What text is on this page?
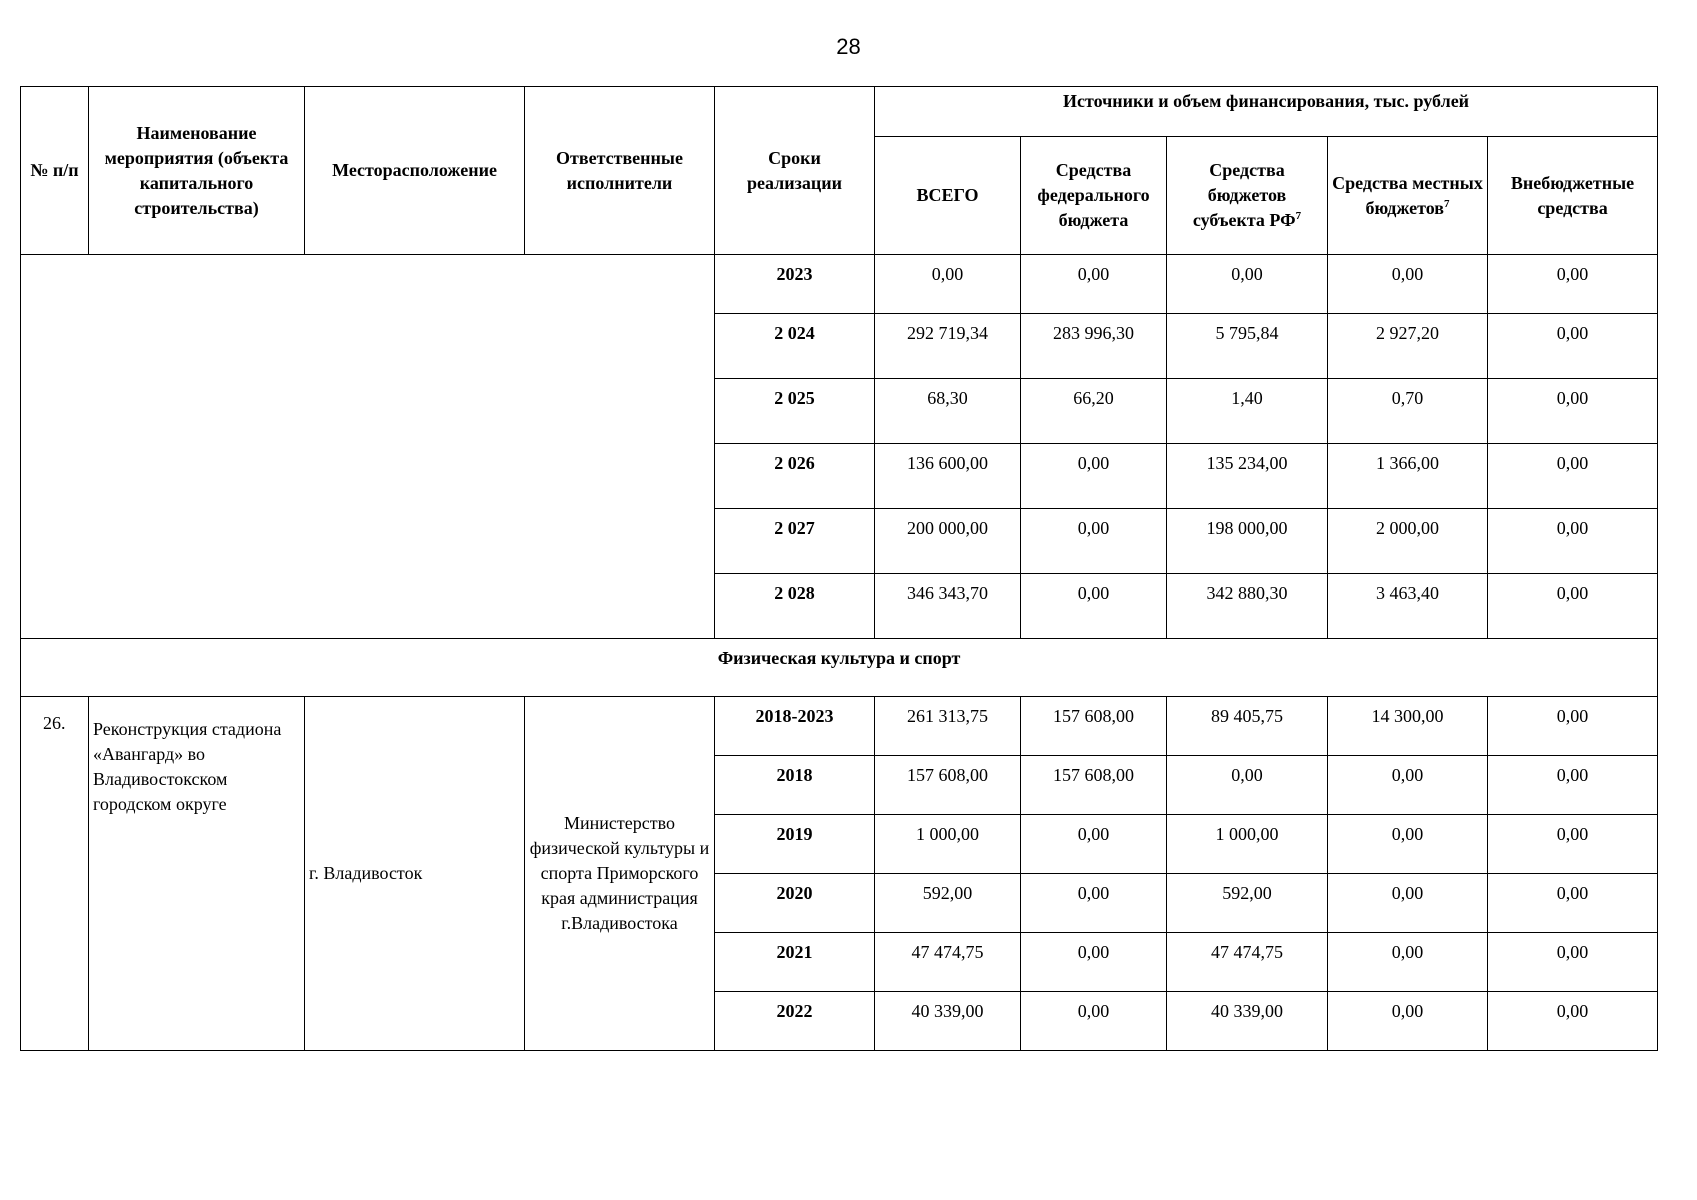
28
№ п/п	Наименование мероприятия (объекта капитального строительства)	Месторасположение	Ответственные исполнители	Сроки реализации	Источники и объем финансирования, тыс. рублей				
					ВСЕГО	Средства федерального бюджета	Средства бюджетов субъекта $РФ^7$	Средства местных бюджетов$^7$	Внебюджетные средства
				2023	0,00	0,00	0,00	0,00	0,00
				2 024	292 719,34	283 996,30	5 795,84	2 927,20	0,00
				2 025	68,30	66,20	1,40	0,70	0,00
				2 026	136 600,00	0,00	135 234,00	1 366,00	0,00
				2 027	200 000,00	0,00	198 000,00	2 000,00	0,00
				2 028	346 343,70	0,00	342 880,30	3 463,40	0,00
Физическая культура и спорт									
26.	Реконструкция стадиона «Авангард» во Владивостокском городском округе	г. Владивосток	Министерство физической культуры и спорта Приморского края администрация г.Владивостока	2018-2023	261 313,75	157 608,00	89 405,75	14 300,00	0,00
				2018	157 608,00	157 608,00	0,00	0,00	0,00
				2019	1 000,00	0,00	1 000,00	0,00	0,00
				2020	592,00	0,00	592,00	0,00	0,00
				2021	47 474,75	0,00	47 474,75	0,00	0,00
				2022	40 339,00	0,00	40 339,00	0,00	0,00
